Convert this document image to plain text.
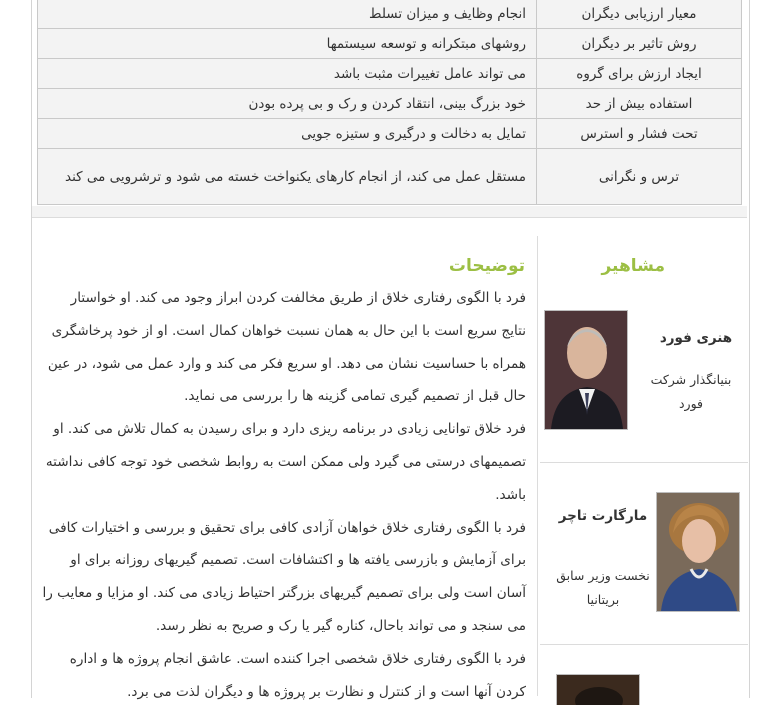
انجام وظایف و میزان تسلط	معیار ارزیابی دیگران
روشهای مبتکرانه و توسعه سیستمها	روش تاثیر بر دیگران
می تواند عامل تغییرات مثبت باشد	ایجاد ارزش برای گروه
خود بزرگ بینی، انتقاد کردن و رک و بی پرده بودن	استفاده بیش از حد
تمایل به دخالت و درگیری و ستیزه جویی	تحت فشار و استرس
مستقل عمل می کند، از انجام کارهای یکنواخت خسته می شود و ترشرویی می کند	ترس و نگرانی
مشاهیر
توضیحات

فرد با الگوی رفتاری خلاق از طریق مخالفت کردن ابراز وجود می کند. او خواستار نتایج سریع است با این حال به همان نسبت خواهان کمال است. او از خود پرخاشگری همراه با حساسیت نشان می دهد. او سریع فکر می کند و وارد عمل می شود، در عین حال قبل از تصمیم گیری تمامی گزینه ها را بررسی می نماید.

فرد خلاق توانایی زیادی در برنامه ریزی دارد و برای رسیدن به کمال تلاش می کند. او تصمیمهای درستی می گیرد ولی ممکن است به روابط شخصی خود توجه کافی نداشته باشد.

فرد با الگوی رفتاری خلاق خواهان آزادی کافی برای تحقیق و بررسی و اختیارات کافی برای آزمایش و بازرسی یافته ها و اکتشافات است. تصمیم گیریهای روزانه برای او آسان است ولی برای تصمیم گیریهای بزرگتر احتیاط زیادی می کند. او مزایا و معایب را می سنجد و می تواند باحال، کناره گیر یا رک و صریح به نظر رسد.

فرد با الگوی رفتاری خلاق شخصی اجرا کننده است. عاشق انجام پروژه ها و اداره کردن آنها است و از کنترل و نظارت بر پروژه ها و دیگران لذت می برد.

هنری فورد
بنیانگذار شرکت فورد
مارگارت تاچر
نخست وزیر سابق بریتانیا
